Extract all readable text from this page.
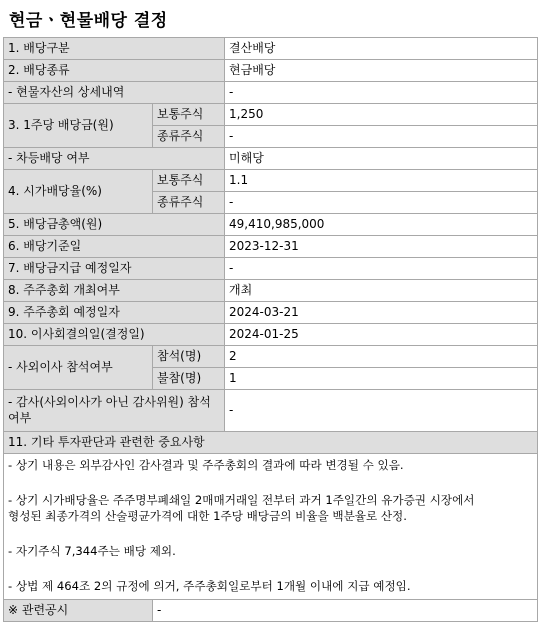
현금ㆍ현물배당 결정
1. 배당구분		결산배당
2. 배당종류		현금배당
- 현물자산의 상세내역		-
3. 1주당 배당금(원)	보통주식	1,250
	종류주식	-
- 차등배당 여부		미해당
4. 시가배당율(%)	보통주식	1.1
	종류주식	-
5. 배당금총액(원)		49,410,985,000
6. 배당기준일		2023-12-31
7. 배당금지급 예정일자		-
8. 주주총회 개최여부		개최
9. 주주총회 예정일자		2024-03-21
10. 이사회결의일(결정일)		2024-01-25
- 사외이사 참석여부	참석(명)	2
	불참(명)	1
- 감사(사외이사가 아닌 감사위원) 참석여부		-
11. 기타 투자판단과 관련한 중요사항		

- 상기 내용은 외부감사인 감사결과 및 주주총회의 결과에 따라 변경될 수 있음.

- 상기 시가배당율은 주주명부폐쇄일 2매매거래일 전부터 과거 1주일간의 유가증권 시장에서

형성된 최종가격의 산술평균가격에 대한 1주당 배당금의 비율을 백분율로 산정.

- 자기주식 7,344주는 배당 제외.

- 상법 제 464조 2의 규정에 의거, 주주총회일로부터 1개월 이내에 지급 예정임.		

※ 관련공시	-	
